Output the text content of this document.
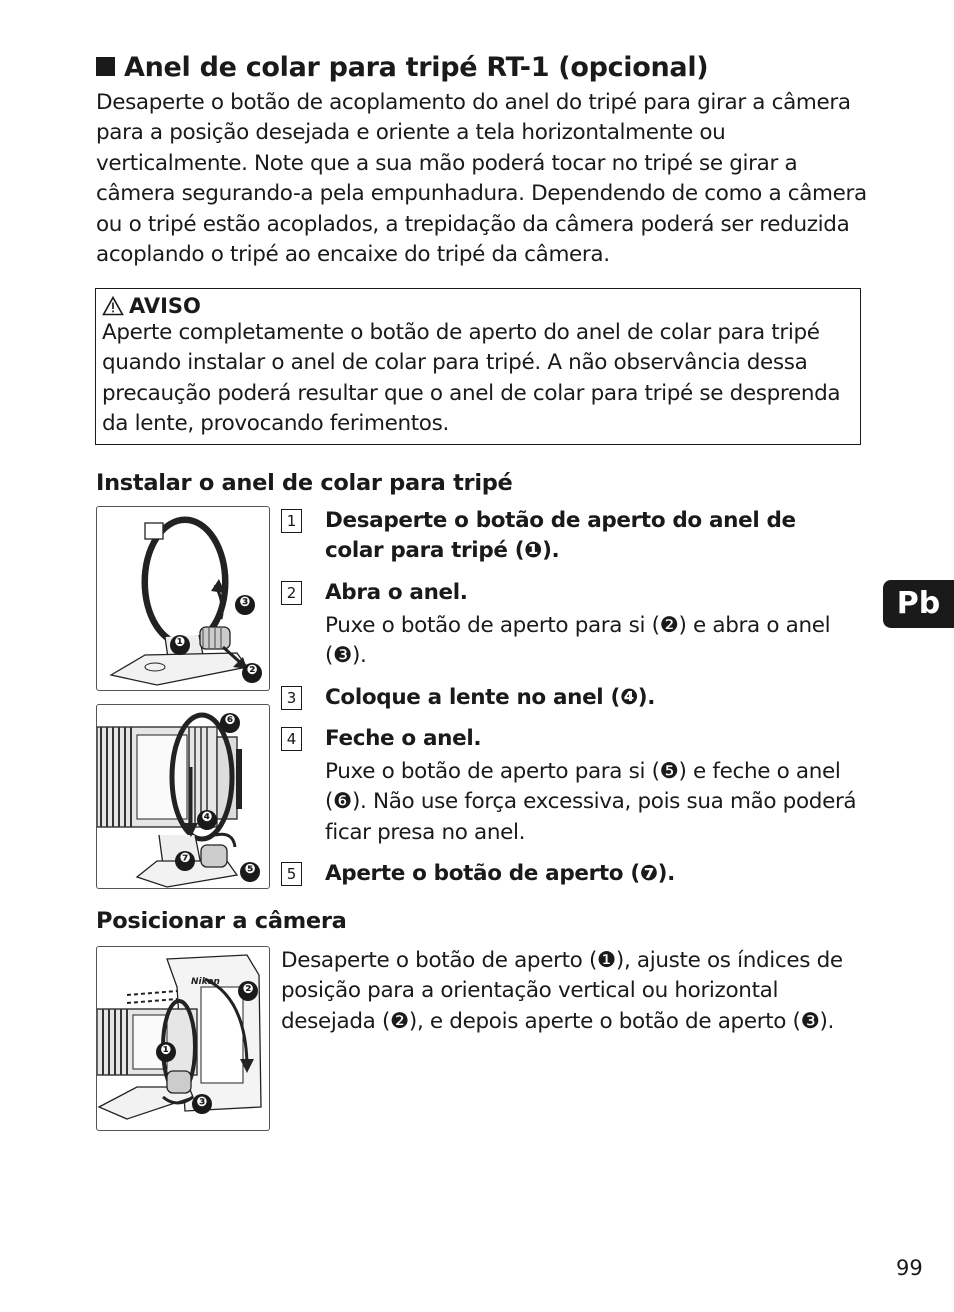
Anel de colar para tripé RT-1 (opcional)
Desaperte o botão de acoplamento do anel do tripé para girar a câmera para a posição desejada e oriente a tela horizontalmente ou verticalmente. Note que a sua mão poderá tocar no tripé se girar a câmera segurando-a pela empunhadura. Dependendo de como a câmera ou o tripé estão acoplados, a trepidação da câmera poderá ser reduzida acoplando o tripé ao encaixe do tripé da câmera.
AVISO
Aperte completamente o botão de aperto do anel de colar para tripé quando instalar o anel de colar para tripé. A não observância dessa precaução poderá resultar que o anel de colar para tripé se desprenda da lente, provocando ferimentos.
Instalar o anel de colar para tripé
❸
❶
❷
❻
❹
❼
❺
1 Desaperte o botão de aperto do anel de colar para tripé (❶).
2 Abra o anel.
Puxe o botão de aperto para si (❷) e abra o anel (❸).
3 Coloque a lente no anel (❹).
4 Feche o anel.
Puxe o botão de aperto para si (❺) e feche o anel (❻). Não use força excessiva, pois sua mão poderá ficar presa no anel.
5 Aperte o botão de aperto (❼).
Posicionar a câmera
Nikon ❷
❶
❸
Desaperte o botão de aperto (❶), ajuste os índices de posição para a orientação vertical ou horizontal desejada (❷), e depois aperte o botão de aperto (❸).
Pb
99
